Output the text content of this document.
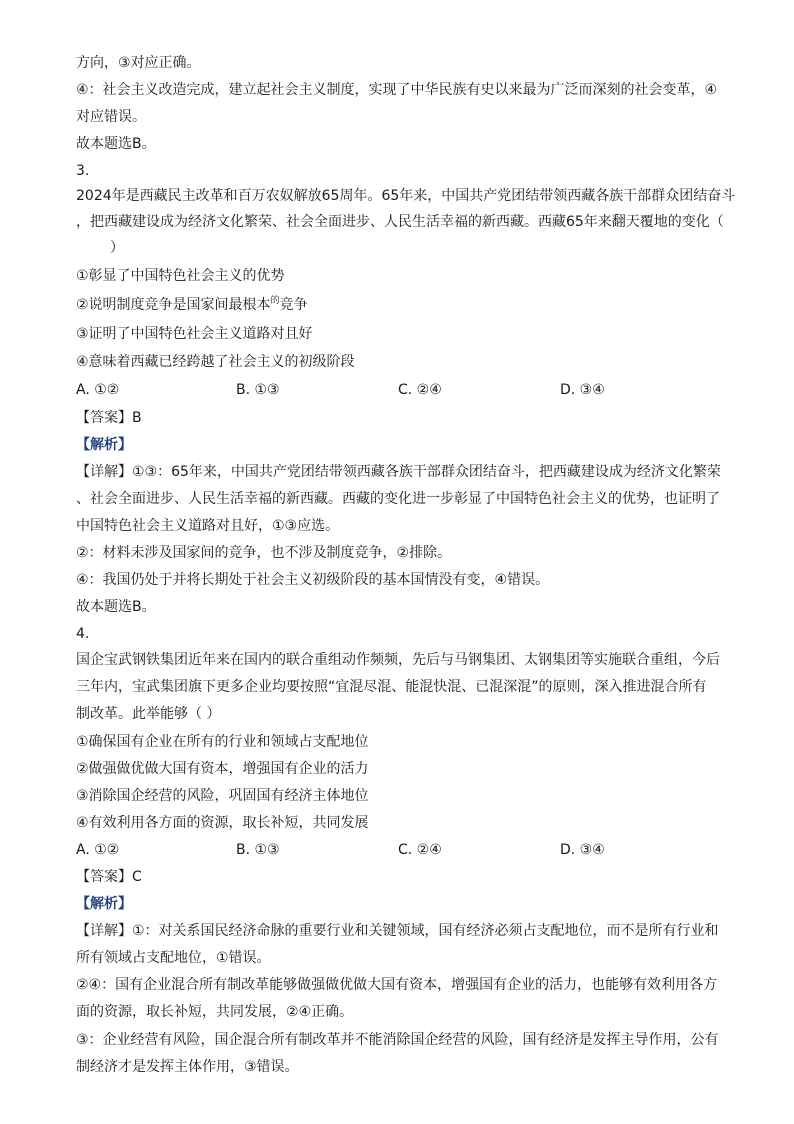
方向，③对应正确。
④：社会主义改造完成，建立起社会主义制度，实现了中华民族有史以来最为广泛而深刻的社会变革，④
对应错误。
故本题选B。
3.
2024年是西藏民主改革和百万农奴解放65周年。65年来，中国共产党团结带领西藏各族干部群众团结奋斗
，把西藏建设成为经济文化繁荣、社会全面进步、人民生活幸福的新西藏。西藏65年来翻天覆地的变化（
）
①彰显了中国特色社会主义的优势
②说明制度竞争是国家间最根本$^的$竞争
③证明了中国特色社会主义道路对且好
④意味着西藏已经跨越了社会主义的初级阶段
A. ①②	B. ①③	C. ②④	D. ③④
【答案】B
【解析】
【详解】①③：65年来，中国共产党团结带领西藏各族干部群众团结奋斗，把西藏建设成为经济文化繁荣
、社会全面进步、人民生活幸福的新西藏。西藏的变化进一步彰显了中国特色社会主义的优势，也证明了
中国特色社会主义道路对且好，①③应选。
②：材料未涉及国家间的竞争，也不涉及制度竞争，②排除。
④：我国仍处于并将长期处于社会主义初级阶段的基本国情没有变，④错误。
故本题选B。
4.
国企宝武钢铁集团近年来在国内的联合重组动作频频，先后与马钢集团、太钢集团等实施联合重组，今后
三年内，宝武集团旗下更多企业均要按照“宜混尽混、能混快混、已混深混”的原则，深入推进混合所有
制改革。此举能够（ ）
①确保国有企业在所有的行业和领域占支配地位
②做强做优做大国有资本，增强国有企业的活力
③消除国企经营的风险，巩固国有经济主体地位
④有效利用各方面的资源，取长补短，共同发展
A. ①②	B. ①③	C. ②④	D. ③④
【答案】C
【解析】
【详解】①：对关系国民经济命脉的重要行业和关键领域，国有经济必须占支配地位，而不是所有行业和
所有领域占支配地位，①错误。
②④：国有企业混合所有制改革能够做强做优做大国有资本，增强国有企业的活力，也能够有效利用各方
面的资源，取长补短，共同发展，②④正确。
③：企业经营有风险，国企混合所有制改革并不能消除国企经营的风险，国有经济是发挥主导作用，公有
制经济才是发挥主体作用，③错误。
